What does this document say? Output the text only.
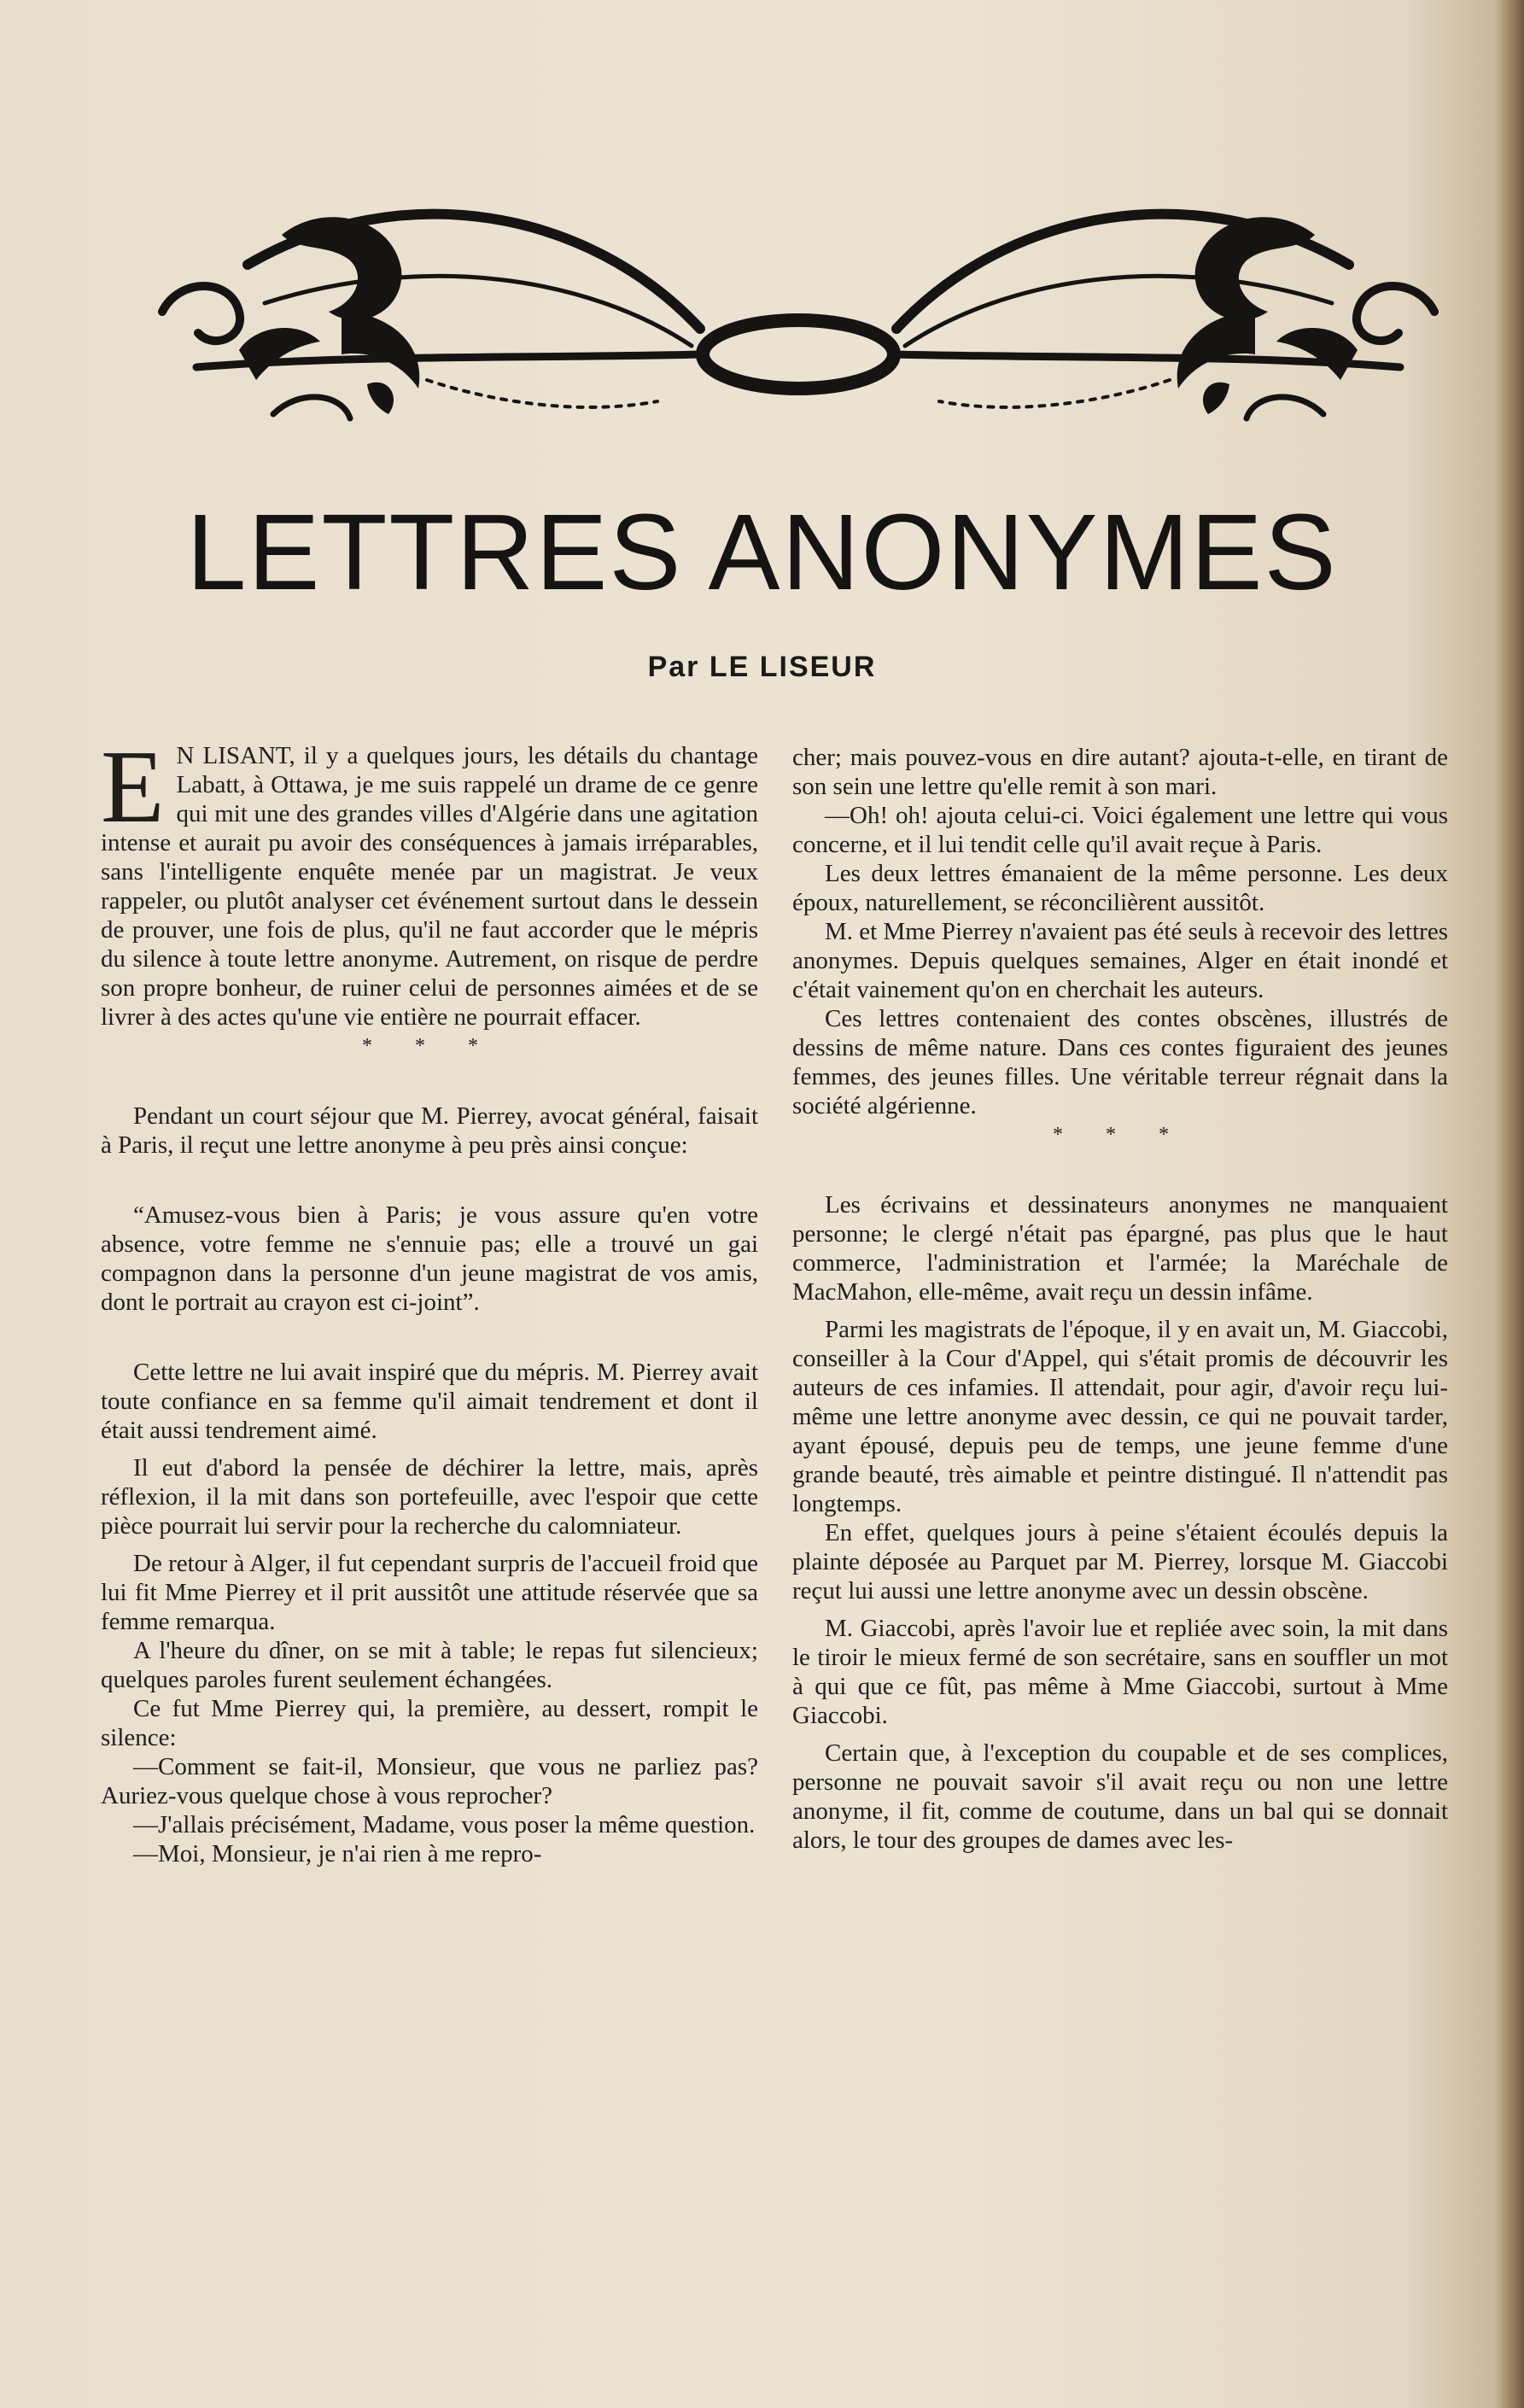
LETTRES ANONYMES
Par LE LISEUR

E N LISANT, il y a quelques jours, les détails du chantage Labatt, à Ottawa, je me suis rappelé un drame de ce genre qui mit une des grandes villes d'Algérie dans une agitation intense et aurait pu avoir des conséquences à jamais irréparables, sans l'intelligente enquête menée par un magistrat. Je veux rappeler, ou plutôt analyser cet événement surtout dans le dessein de prouver, une fois de plus, qu'il ne faut accorder que le mépris du silence à toute lettre anonyme. Autrement, on risque de perdre son propre bonheur, de ruiner celui de personnes aimées et de se livrer à des actes qu'une vie entière ne pourrait effacer.

* * *

Pendant un court séjour que M. Pierrey, avocat général, faisait à Paris, il reçut une lettre anonyme à peu près ainsi conçue:

“Amusez-vous bien à Paris; je vous assure qu'en votre absence, votre femme ne s'ennuie pas; elle a trouvé un gai compagnon dans la personne d'un jeune magistrat de vos amis, dont le portrait au crayon est ci-joint”.

Cette lettre ne lui avait inspiré que du mépris. M. Pierrey avait toute confiance en sa femme qu'il aimait tendrement et dont il était aussi tendrement aimé.

Il eut d'abord la pensée de déchirer la lettre, mais, après réflexion, il la mit dans son portefeuille, avec l'espoir que cette pièce pourrait lui servir pour la recherche du calomniateur.

De retour à Alger, il fut cependant surpris de l'accueil froid que lui fit Mme Pierrey et il prit aussitôt une attitude réservée que sa femme remarqua.

A l'heure du dîner, on se mit à table; le repas fut silencieux; quelques paroles furent seulement échangées.

Ce fut Mme Pierrey qui, la première, au dessert, rompit le silence:

—Comment se fait-il, Monsieur, que vous ne parliez pas? Auriez-vous quelque chose à vous reprocher?

—J'allais précisément, Madame, vous poser la même question.

—Moi, Monsieur, je n'ai rien à me repro-

cher; mais pouvez-vous en dire autant? ajouta-t-elle, en tirant de son sein une lettre qu'elle remit à son mari.

—Oh! oh! ajouta celui-ci. Voici également une lettre qui vous concerne, et il lui tendit celle qu'il avait reçue à Paris.

Les deux lettres émanaient de la même personne. Les deux époux, naturellement, se réconcilièrent aussitôt.

M. et Mme Pierrey n'avaient pas été seuls à recevoir des lettres anonymes. Depuis quelques semaines, Alger en était inondé et c'était vainement qu'on en cherchait les auteurs.

Ces lettres contenaient des contes obscènes, illustrés de dessins de même nature. Dans ces contes figuraient des jeunes femmes, des jeunes filles. Une véritable terreur régnait dans la société algérienne.

* * *

Les écrivains et dessinateurs anonymes ne manquaient personne; le clergé n'était pas épargné, pas plus que le haut commerce, l'administration et l'armée; la Maréchale de MacMahon, elle-même, avait reçu un dessin infâme.

Parmi les magistrats de l'époque, il y en avait un, M. Giaccobi, conseiller à la Cour d'Appel, qui s'était promis de découvrir les auteurs de ces infamies. Il attendait, pour agir, d'avoir reçu lui-même une lettre anonyme avec dessin, ce qui ne pouvait tarder, ayant épousé, depuis peu de temps, une jeune femme d'une grande beauté, très aimable et peintre distingué. Il n'attendit pas longtemps.

En effet, quelques jours à peine s'étaient écoulés depuis la plainte déposée au Parquet par M. Pierrey, lorsque M. Giaccobi reçut lui aussi une lettre anonyme avec un dessin obscène.

M. Giaccobi, après l'avoir lue et repliée avec soin, la mit dans le tiroir le mieux fermé de son secrétaire, sans en souffler un mot à qui que ce fût, pas même à Mme Giaccobi, surtout à Mme Giaccobi.

Certain que, à l'exception du coupable et de ses complices, personne ne pouvait savoir s'il avait reçu ou non une lettre anonyme, il fit, comme de coutume, dans un bal qui se donnait alors, le tour des groupes de dames avec les-
